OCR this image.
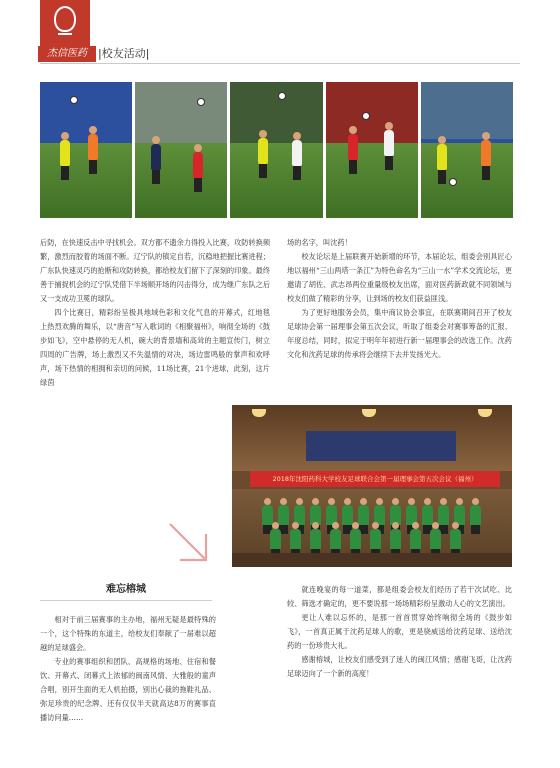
杰信医药	|校友活动|

后防，在快速反击中寻找机会。双方都不遗余力得投入比赛，攻防转换频繁，激烈而胶着的场面不断。辽宁队的镇定自若，沉稳地把握比赛进程；广东队快速灵巧的抢断和攻防转换，都给校友们留下了深刻的印象。最终善于捕捉机会的辽宁队凭借下半场顺开场的闪击得分，成为继广东队之后又一支成功卫冕的球队。

四个比赛日，精彩纷呈极具地域色彩和文化气息的开幕式，红地毯上热烈欢腾的舞乐，以“唐音”写入歌词的《相聚福州》，响彻全场的《鼓步如飞》，空中悬停的无人机，碗大的背景墙和高耸的主题宣传门，树立四周的广告牌，场上激烈又不失温情的对决，场边雷鸣般的掌声和欢呼声，场下热情的相拥和亲切的问候，11场比赛，21个进球，此刻，这片绿茵

场的名字，叫沈药！

校友论坛是上届联赛开始新增的环节，本届论坛，组委会别具匠心地以福州“三山两塔一条江”为特色命名为“三山一水”学术交流论坛，更邀请了胡佐、武志昂两位重量级校友出席，面对医药新政就不同领域与校友们做了精彩的分享，让到场的校友们获益匪浅。

为了更好地服务会员，集中商议协会事宜，在联赛期间召开了校友足球协会第一届理事会第五次会议，听取了组委会对赛事筹备的汇报、年度总结，同时，拟定于明年年初进行新一届理事会的改选工作。沈药文化和沈药足球的传承将会继续下去并发扬光大。

2018年沈阳药科大学校友足球联合会第一届理事会第五次会议（福州）
难忘榕城

相对于前三届赛事的主办地，福州无疑是最特殊的一个，这个特殊的东道主，给校友们奉献了一届难以超越的足球盛会。

专业的赛事组织和团队、高规格的场地、住宿和餐饮、开幕式、闭幕式上浓郁的闽南风情、大雅般的童声合唱，别开生面的无人机拍摄，别出心裁的拖鞋礼品、弥足珍贵的纪念牌、还有仅仅半天就高达8万的赛事直播访问量……

就连晚宴的每一道菜，都是组委会校友们经历了若干次试吃、比较、筛选才确定的，更不要说那一场场精彩纷呈激动人心的文艺演出。

更让人难以忘怀的，是那一首首贯穿始终响彻全场的《鼓步如飞》，一首真正属于沈药足球人的歌，更是骁威送给沈药足球、送给沈药的一份珍贵大礼。

感谢榕城，让校友们感受到了迷人的闽江风情；感谢飞哥，让沈药足球迈向了一个新的高度！
